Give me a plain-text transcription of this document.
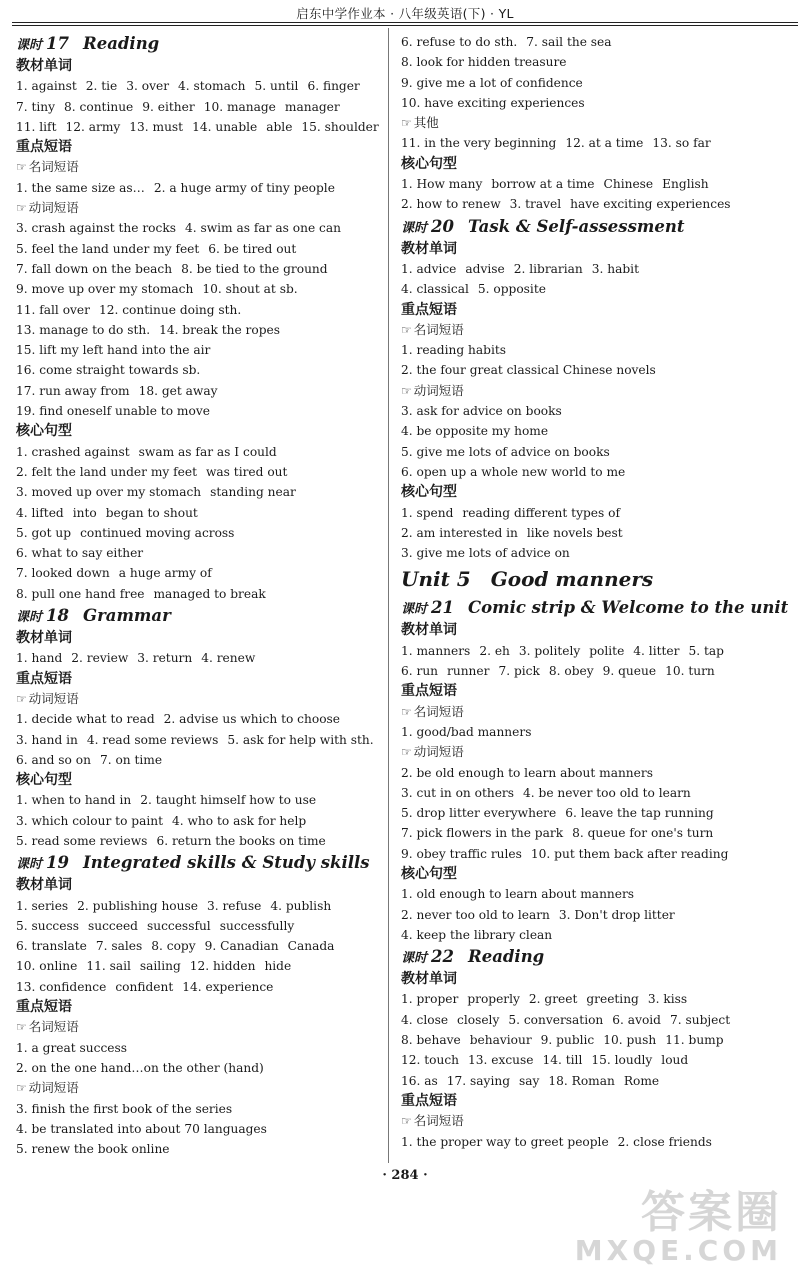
启东中学作业本 · 八年级英语(下) · YL
课时 17 Reading
教材单词
1. against 2. tie 3. over 4. stomach 5. until 6. finger
7. tiny 8. continue 9. either 10. manage manager
11. lift 12. army 13. must 14. unable able 15. shoulder
重点短语
☞ 名词短语
1. the same size as… 2. a huge army of tiny people
☞ 动词短语
3. crash against the rocks 4. swim as far as one can
5. feel the land under my feet 6. be tired out
7. fall down on the beach 8. be tied to the ground
9. move up over my stomach 10. shout at sb.
11. fall over 12. continue doing sth.
13. manage to do sth. 14. break the ropes
15. lift my left hand into the air
16. come straight towards sb.
17. run away from 18. get away
19. find oneself unable to move
核心句型
1. crashed against swam as far as I could
2. felt the land under my feet was tired out
3. moved up over my stomach standing near
4. lifted into began to shout
5. got up continued moving across
6. what to say either
7. looked down a huge army of
8. pull one hand free managed to break
课时 18 Grammar
教材单词
1. hand 2. review 3. return 4. renew
重点短语
☞ 动词短语
1. decide what to read 2. advise us which to choose
3. hand in 4. read some reviews 5. ask for help with sth.
6. and so on 7. on time
核心句型
1. when to hand in 2. taught himself how to use
3. which colour to paint 4. who to ask for help
5. read some reviews 6. return the books on time
课时 19 Integrated skills & Study skills
教材单词
1. series 2. publishing house 3. refuse 4. publish
5. success succeed successful successfully
6. translate 7. sales 8. copy 9. Canadian Canada
10. online 11. sail sailing 12. hidden hide
13. confidence confident 14. experience
重点短语
☞ 名词短语
1. a great success
2. on the one hand…on the other (hand)
☞ 动词短语
3. finish the first book of the series
4. be translated into about 70 languages
5. renew the book online
6. refuse to do sth. 7. sail the sea
8. look for hidden treasure
9. give me a lot of confidence
10. have exciting experiences
☞ 其他
11. in the very beginning 12. at a time 13. so far
核心句型
1. How many borrow at a time Chinese English
2. how to renew 3. travel have exciting experiences
课时 20 Task & Self-assessment
教材单词
1. advice advise 2. librarian 3. habit
4. classical 5. opposite
重点短语
☞ 名词短语
1. reading habits
2. the four great classical Chinese novels
☞ 动词短语
3. ask for advice on books
4. be opposite my home
5. give me lots of advice on books
6. open up a whole new world to me
核心句型
1. spend reading different types of
2. am interested in like novels best
3. give me lots of advice on
Unit 5 Good manners
课时 21 Comic strip & Welcome to the unit
教材单词
1. manners 2. eh 3. politely polite 4. litter 5. tap
6. run runner 7. pick 8. obey 9. queue 10. turn
重点短语
☞ 名词短语
1. good/bad manners
☞ 动词短语
2. be old enough to learn about manners
3. cut in on others 4. be never too old to learn
5. drop litter everywhere 6. leave the tap running
7. pick flowers in the park 8. queue for one's turn
9. obey traffic rules 10. put them back after reading
核心句型
1. old enough to learn about manners
2. never too old to learn 3. Don't drop litter
4. keep the library clean
课时 22 Reading
教材单词
1. proper properly 2. greet greeting 3. kiss
4. close closely 5. conversation 6. avoid 7. subject
8. behave behaviour 9. public 10. push 11. bump
12. touch 13. excuse 14. till 15. loudly loud
16. as 17. saying say 18. Roman Rome
重点短语
☞ 名词短语
1. the proper way to greet people 2. close friends
· 284 ·
答案圈
MXQE.COM
